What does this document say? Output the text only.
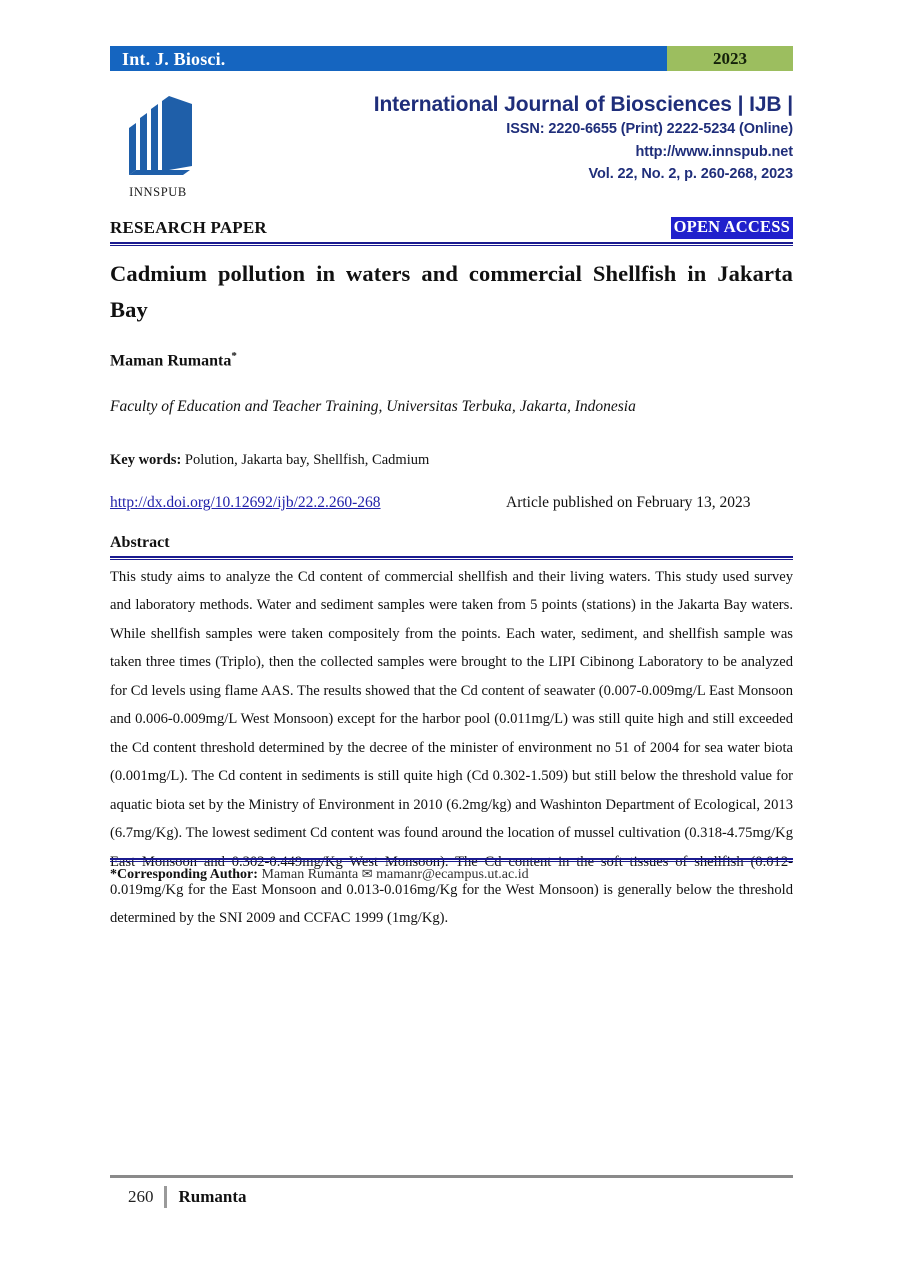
Int. J. Biosci.	2023
INNSPUB
International Journal of Biosciences | IJB |
ISSN: 2220-6655 (Print) 2222-5234 (Online)
http://www.innspub.net
Vol. 22, No. 2, p. 260-268, 2023
RESEARCH PAPER	OPEN ACCESS
Cadmium pollution in waters and commercial Shellfish in Jakarta Bay
Maman Rumanta*
Faculty of Education and Teacher Training, Universitas Terbuka, Jakarta, Indonesia
Key words: Polution, Jakarta bay, Shellfish, Cadmium
http://dx.doi.org/10.12692/ijb/22.2.260-268	Article published on February 13, 2023
Abstract
This study aims to analyze the Cd content of commercial shellfish and their living waters. This study used survey and laboratory methods. Water and sediment samples were taken from 5 points (stations) in the Jakarta Bay waters. While shellfish samples were taken compositely from the points. Each water, sediment, and shellfish sample was taken three times (Triplo), then the collected samples were brought to the LIPI Cibinong Laboratory to be analyzed for Cd levels using flame AAS. The results showed that the Cd content of seawater (0.007-0.009mg/L East Monsoon and 0.006-0.009mg/L West Monsoon) except for the harbor pool (0.011mg/L) was still quite high and still exceeded the Cd content threshold determined by the decree of the minister of environment no 51 of 2004 for sea water biota (0.001mg/L). The Cd content in sediments is still quite high (Cd 0.302-1.509) but still below the threshold value for aquatic biota set by the Ministry of Environment in 2010 (6.2mg/kg) and Washinton Department of Ecological, 2013 (6.7mg/Kg). The lowest sediment Cd content was found around the location of mussel cultivation (0.318-4.75mg/Kg East Monsoon and 0.302-0.449mg/Kg West Monsoon). The Cd content in the soft tissues of shellfish (0.012-0.019mg/Kg for the East Monsoon and 0.013-0.016mg/Kg for the West Monsoon) is generally below the threshold determined by the SNI 2009 and CCFAC 1999 (1mg/Kg).
*Corresponding Author: Maman Rumanta ✉ mamanr@ecampus.ut.ac.id
260	Rumanta
